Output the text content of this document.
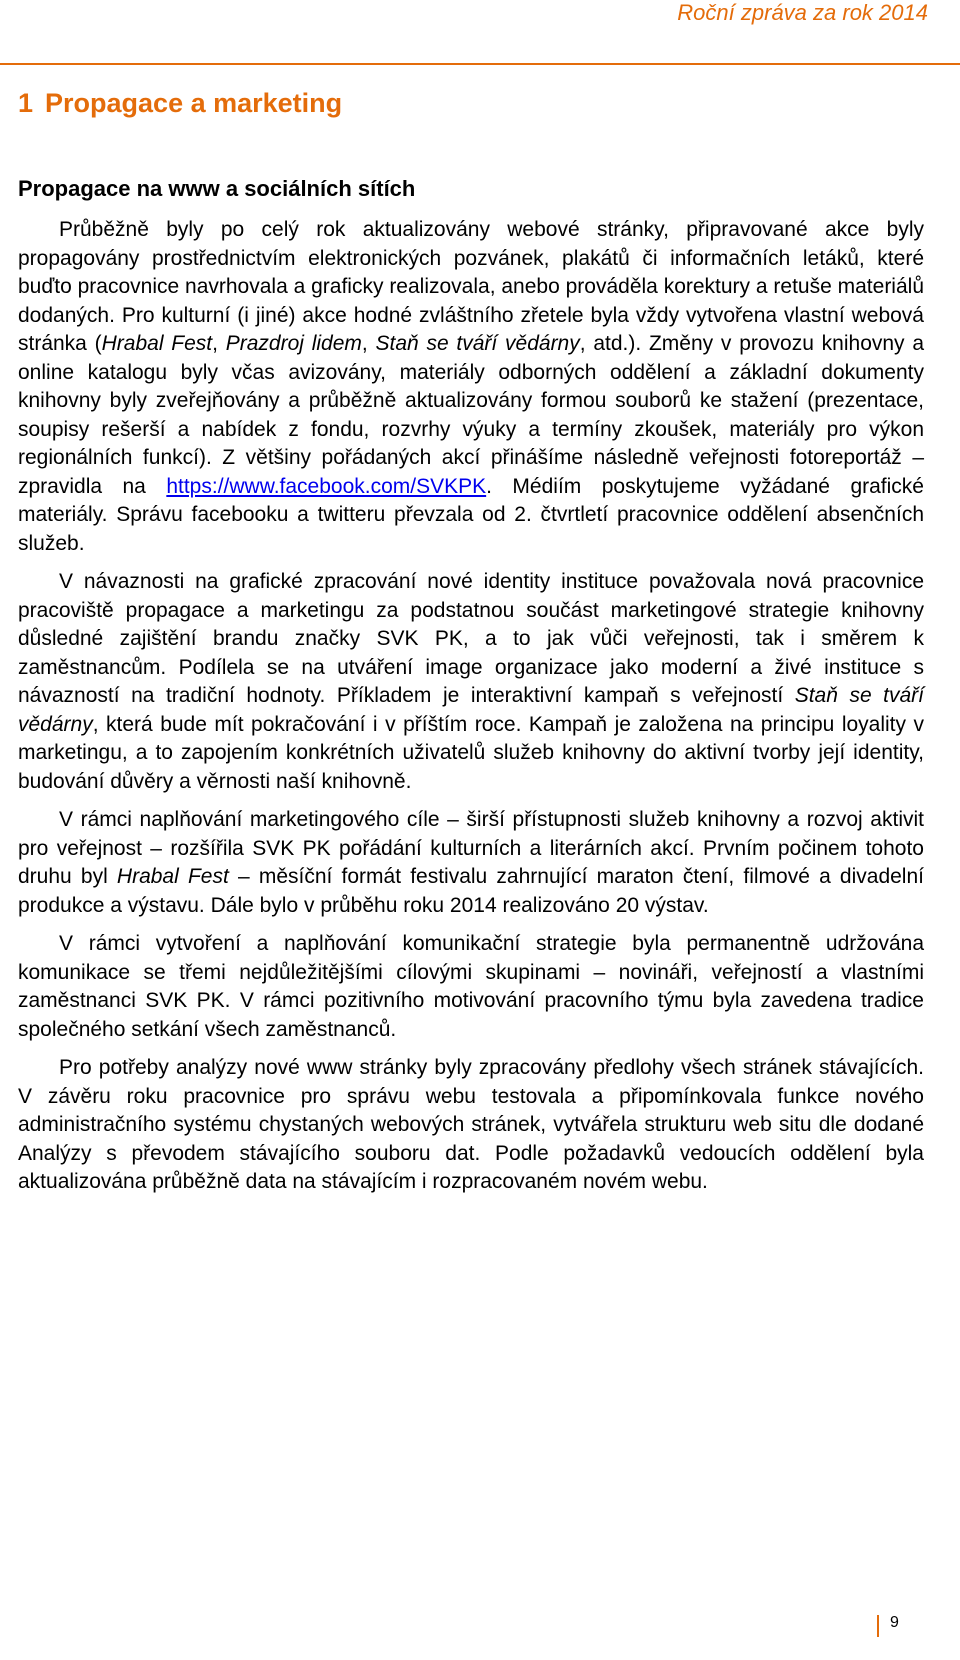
Roční zpráva za rok 2014
1 Propagace a marketing
Propagace na www a sociálních sítích

Průběžně byly po celý rok aktualizovány webové stránky, připravované akce byly propagovány prostřednictvím elektronických pozvánek, plakátů či informačních letáků, které buďto pracovnice navrhovala a graficky realizovala, anebo prováděla korektury a retuše materiálů dodaných. Pro kulturní (i jiné) akce hodné zvláštního zřetele byla vždy vytvořena vlastní webová stránka (Hrabal Fest, Prazdroj lidem, Staň se tváří vědárny, atd.). Změny v provozu knihovny a online katalogu byly včas avizovány, materiály odborných oddělení a základní dokumenty knihovny byly zveřejňovány a průběžně aktualizovány formou souborů ke stažení (prezentace, soupisy rešerší a nabídek z fondu, rozvrhy výuky a termíny zkoušek, materiály pro výkon regionálních funkcí). Z většiny pořádaných akcí přinášíme následně veřejnosti fotoreportáž – zpravidla na https://www.facebook.com/SVKPK. Médiím poskytujeme vyžádané grafické materiály. Správu facebooku a twitteru převzala od 2. čtvrtletí pracovnice oddělení absenčních služeb.

V návaznosti na grafické zpracování nové identity instituce považovala nová pracovnice pracoviště propagace a marketingu za podstatnou součást marketingové strategie knihovny důsledné zajištění brandu značky SVK PK, a to jak vůči veřejnosti, tak i směrem k zaměstnancům. Podílela se na utváření image organizace jako moderní a živé instituce s návazností na tradiční hodnoty. Příkladem je interaktivní kampaň s veřejností Staň se tváří vědárny, která bude mít pokračování i v příštím roce. Kampaň je založena na principu loyality v marketingu, a to zapojením konkrétních uživatelů služeb knihovny do aktivní tvorby její identity, budování důvěry a věrnosti naší knihovně.

V rámci naplňování marketingového cíle – širší přístupnosti služeb knihovny a rozvoj aktivit pro veřejnost – rozšířila SVK PK pořádání kulturních a literárních akcí. Prvním počinem tohoto druhu byl Hrabal Fest – měsíční formát festivalu zahrnující maraton čtení, filmové a divadelní produkce a výstavu. Dále bylo v průběhu roku 2014 realizováno 20 výstav.

V rámci vytvoření a naplňování komunikační strategie byla permanentně udržována komunikace se třemi nejdůležitějšími cílovými skupinami – novináři, veřejností a vlastními zaměstnanci SVK PK. V rámci pozitivního motivování pracovního týmu byla zavedena tradice společného setkání všech zaměstnanců.

Pro potřeby analýzy nové www stránky byly zpracovány předlohy všech stránek stávajících. V závěru roku pracovnice pro správu webu testovala a připomínkovala funkce nového administračního systému chystaných webových stránek, vytvářela strukturu web situ dle dodané Analýzy s převodem stávajícího souboru dat. Podle požadavků vedoucích oddělení byla aktualizována průběžně data na stávajícím i rozpracovaném novém webu.

9
